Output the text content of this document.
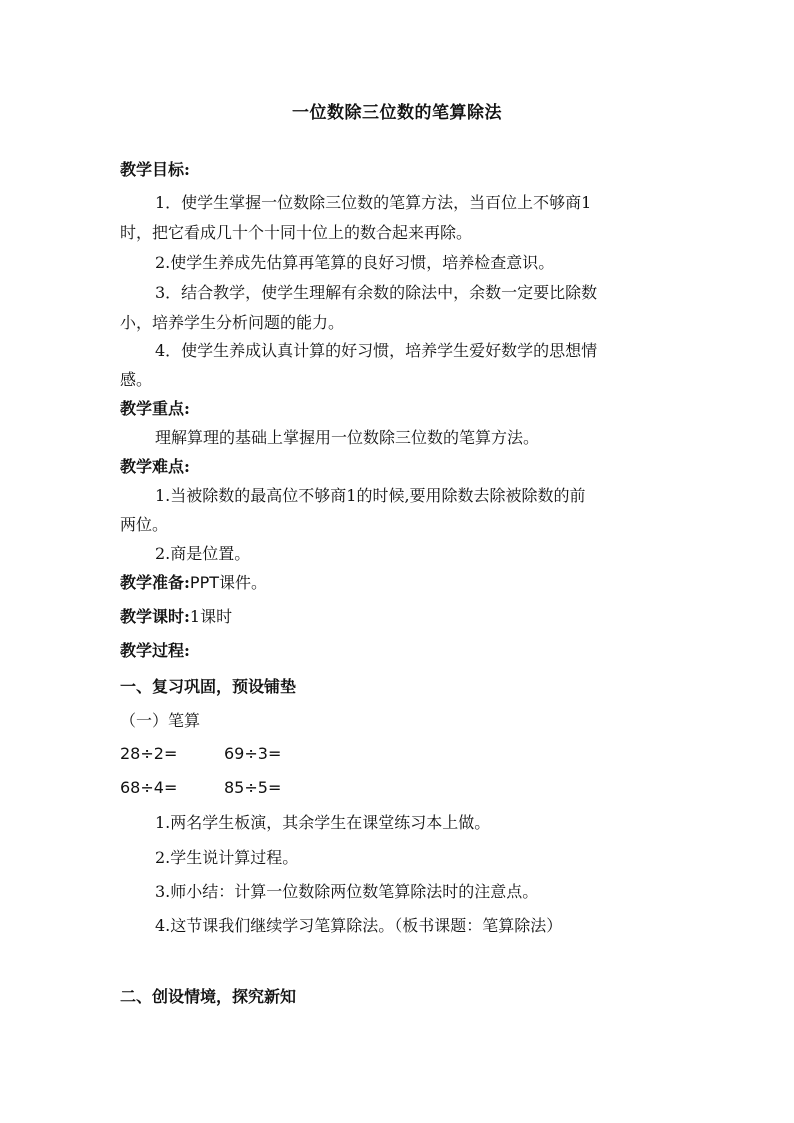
一位数除三位数的笔算除法
教学目标:
1．使学生掌握一位数除三位数的笔算方法，当百位上不够商1
时，把它看成几十个十同十位上的数合起来再除。
2.使学生养成先估算再笔算的良好习惯，培养检查意识。
3．结合教学，使学生理解有余数的除法中，余数一定要比除数
小，培养学生分析问题的能力。
4．使学生养成认真计算的好习惯，培养学生爱好数学的思想情
感。
教学重点:
理解算理的基础上掌握用一位数除三位数的笔算方法。
教学难点:
1.当被除数的最高位不够商1的时候,要用除数去除被除数的前
两位。
2.商是位置。
教学准备:PPT课件。
教学课时:1课时
教学过程:
一、复习巩固，预设铺垫
（一）笔算
28÷2=	69÷3=
68÷4=	85÷5=
1.两名学生板演，其余学生在课堂练习本上做。
2.学生说计算过程。
3.师小结：计算一位数除两位数笔算除法时的注意点。
4.这节课我们继续学习笔算除法。（板书课题：笔算除法）
二、创设情境，探究新知
